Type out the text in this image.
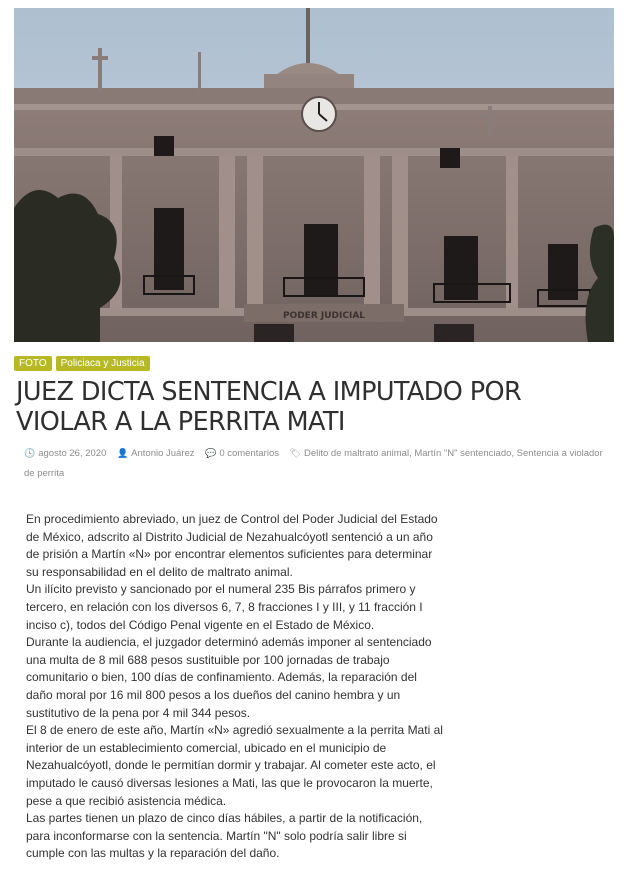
PODER JUDICIAL
FOTO	Policiaca y Justicia
JUEZ DICTA SENTENCIA A IMPUTADO POR VIOLAR A LA PERRITA MATI
🕓 agosto 26, 2020 👤 Antonio Juárez 💬 0 comentarios 🏷 Delito de maltrato animal, Martín "N" sentenciado, Sentencia a violador de perrita

En procedimiento abreviado, un juez de Control del Poder Judicial del Estado de México, adscrito al Distrito Judicial de Nezahualcóyotl sentenció a un año de prisión a Martín «N» por encontrar elementos suficientes para determinar su responsabilidad en el delito de maltrato animal.

Un ilícito previsto y sancionado por el numeral 235 Bis párrafos primero y tercero, en relación con los diversos 6, 7, 8 fracciones I y III, y 11 fracción I inciso c), todos del Código Penal vigente en el Estado de México.

Durante la audiencia, el juzgador determinó además imponer al sentenciado una multa de 8 mil 688 pesos sustituible por 100 jornadas de trabajo comunitario o bien, 100 días de confinamiento. Además, la reparación del daño moral por 16 mil 800 pesos a los dueños del canino hembra y un sustitutivo de la pena por 4 mil 344 pesos.

El 8 de enero de este año, Martín «N» agredió sexualmente a la perrita Mati al interior de un establecimiento comercial, ubicado en el municipio de Nezahualcóyotl, donde le permitían dormir y trabajar. Al cometer este acto, el imputado le causó diversas lesiones a Mati, las que le provocaron la muerte, pese a que recibió asistencia médica.

Las partes tienen un plazo de cinco días hábiles, a partir de la notificación, para inconformarse con la sentencia. Martín "N" solo podría salir libre si cumple con las multas y la reparación del daño.
